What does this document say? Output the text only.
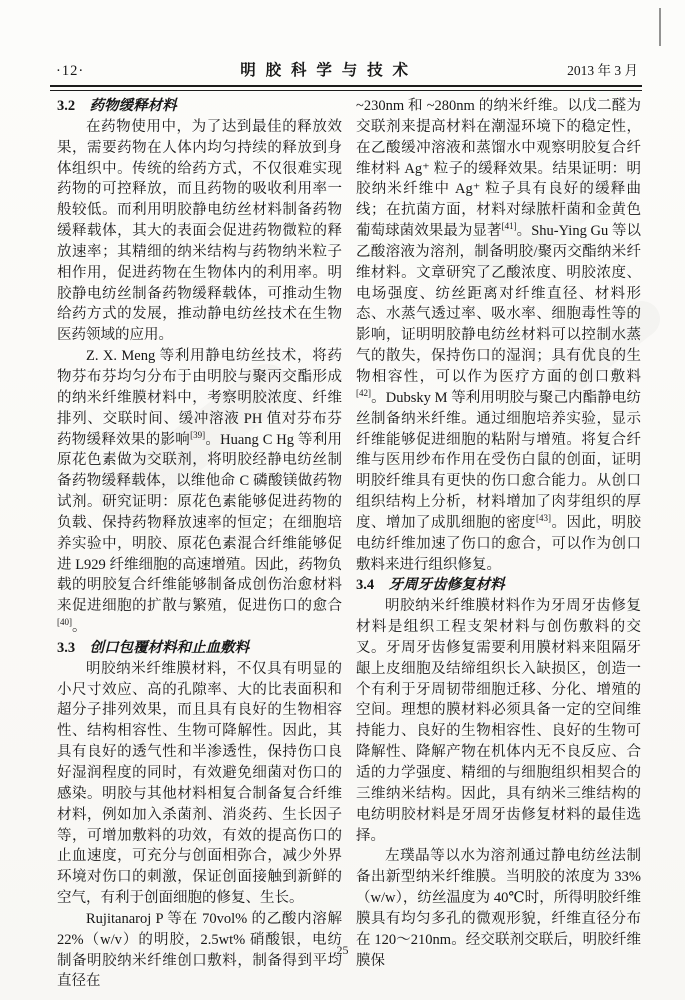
·12·	明 胶 科 学 与 技 术	2013 年 3 月
3.2 药物缓释材料

在药物使用中，为了达到最佳的释放效果，需要药物在人体内均匀持续的释放到身体组织中。传统的给药方式，不仅很难实现药物的可控释放，而且药物的吸收利用率一般较低。而利用明胶静电纺丝材料制备药物缓释载体，其大的表面会促进药物微粒的释放速率；其精细的纳米结构与药物纳米粒子相作用，促进药物在生物体内的利用率。明胶静电纺丝制备药物缓释载体，可推动生物给药方式的发展，推动静电纺丝技术在生物医药领域的应用。

Z. X. Meng 等利用静电纺丝技术，将药物芬布芬均匀分布于由明胶与聚丙交酯形成的纳米纤维膜材料中，考察明胶浓度、纤维排列、交联时间、缓冲溶液 PH 值对芬布芬药物缓释效果的影响[39]。Huang C Hg 等利用原花色素做为交联剂，将明胶经静电纺丝制备药物缓释载体，以维他命 C 磷酸镁做药物试剂。研究证明：原花色素能够促进药物的负载、保持药物释放速率的恒定；在细胞培养实验中，明胶、原花色素混合纤维能够促进 L929 纤维细胞的高速增殖。因此，药物负载的明胶复合纤维能够制备成创伤治愈材料来促进细胞的扩散与繁殖，促进伤口的愈合[40]。

3.3 创口包覆材料和止血敷料

明胶纳米纤维膜材料，不仅具有明显的小尺寸效应、高的孔隙率、大的比表面积和超分子排列效果，而且具有良好的生物相容性、结构相容性、生物可降解性。因此，其具有良好的透气性和半渗透性，保持伤口良好湿润程度的同时，有效避免细菌对伤口的感染。明胶与其他材料相复合制备复合纤维材料，例如加入杀菌剂、消炎药、生长因子等，可增加敷料的功效，有效的提高伤口的止血速度，可充分与创面相弥合，减少外界环境对伤口的刺激，保证创面接触到新鲜的空气，有利于创面细胞的修复、生长。

Rujitanaroj P 等在 70vol% 的乙酸内溶解 22%（w/v）的明胶，2.5wt% 硝酸银，电纺制备明胶纳米纤维创口敷料，制备得到平均直径在

~230nm 和 ~280nm 的纳米纤维。以戊二醛为交联剂来提高材料在潮湿环境下的稳定性，在乙酸缓冲溶液和蒸馏水中观察明胶复合纤维材料 Ag⁺ 粒子的缓释效果。结果证明：明胶纳米纤维中 Ag⁺ 粒子具有良好的缓释曲线；在抗菌方面，材料对绿脓杆菌和金黄色葡萄球菌效果最为显著[41]。Shu-Ying Gu 等以乙酸溶液为溶剂，制备明胶/聚丙交酯纳米纤维材料。文章研究了乙酸浓度、明胶浓度、电场强度、纺丝距离对纤维直径、材料形态、水蒸气透过率、吸水率、细胞毒性等的影响，证明明胶静电纺丝材料可以控制水蒸气的散失，保持伤口的湿润；具有优良的生物相容性，可以作为医疗方面的创口敷料[42]。Dubsky M 等利用明胶与聚己内酯静电纺丝制备纳米纤维。通过细胞培养实验，显示纤维能够促进细胞的粘附与增殖。将复合纤维与医用纱布作用在受伤白鼠的创面，证明明胶纤维具有更快的伤口愈合能力。从创口组织结构上分析，材料增加了肉芽组织的厚度、增加了成肌细胞的密度[43]。因此，明胶电纺纤维加速了伤口的愈合，可以作为创口敷料来进行组织修复。

3.4 牙周牙齿修复材料

明胶纳米纤维膜材料作为牙周牙齿修复材料是组织工程支架材料与创伤敷料的交叉。牙周牙齿修复需要利用膜材料来阻隔牙龈上皮细胞及结缔组织长入缺损区，创造一个有利于牙周韧带细胞迁移、分化、增殖的空间。理想的膜材料必须具备一定的空间维持能力、良好的生物相容性、良好的生物可降解性、降解产物在机体内无不良反应、合适的力学强度、精细的与细胞组织相契合的三维纳米结构。因此，具有纳米三维结构的电纺明胶材料是牙周牙齿修复材料的最佳选择。

左璞晶等以水为溶剂通过静电纺丝法制备出新型纳米纤维膜。当明胶的浓度为 33%（w/w），纺丝温度为 40℃时，所得明胶纤维膜具有均匀多孔的微观形貌，纤维直径分布在 120～210nm。经交联剂交联后，明胶纤维膜保

25
